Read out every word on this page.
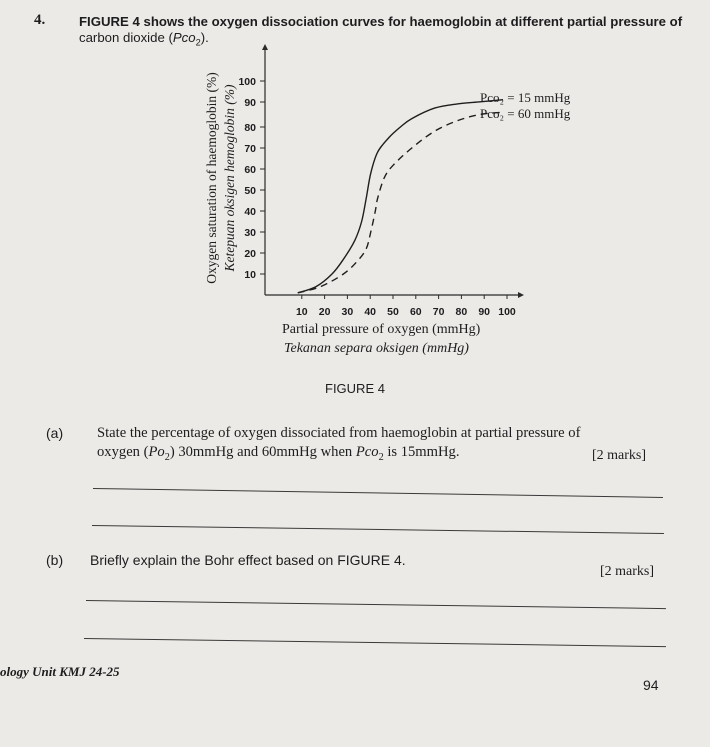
4.	FIGURE 4 shows the oxygen dissociation curves for haemoglobin at different partial pressure of
carbon dioxide (Pco$_2$).
Oxygen saturation of haemoglobin (%) Ketepuan oksigen hemoglobin (%)
10
20
30
40
50
60
70
80
90
100
10 20 30 40 50 60 70 80 90 100
Pco₂ = 15 mmHg
Pco₂ = 60 mmHg
Partial pressure of oxygen (mmHg)
Tekanan separa oksigen (mmHg)
FIGURE 4
(a) State the percentage of oxygen dissociated from haemoglobin at partial pressure of
oxygen $(Po_2)$ 30mmHg and 60mmHg when Pco$_2$ is 15mmHg.	[2 marks]
(b) Briefly explain the Bohr effect based on FIGURE 4.
[2 marks]
ology Unit KMJ 24-25
94
